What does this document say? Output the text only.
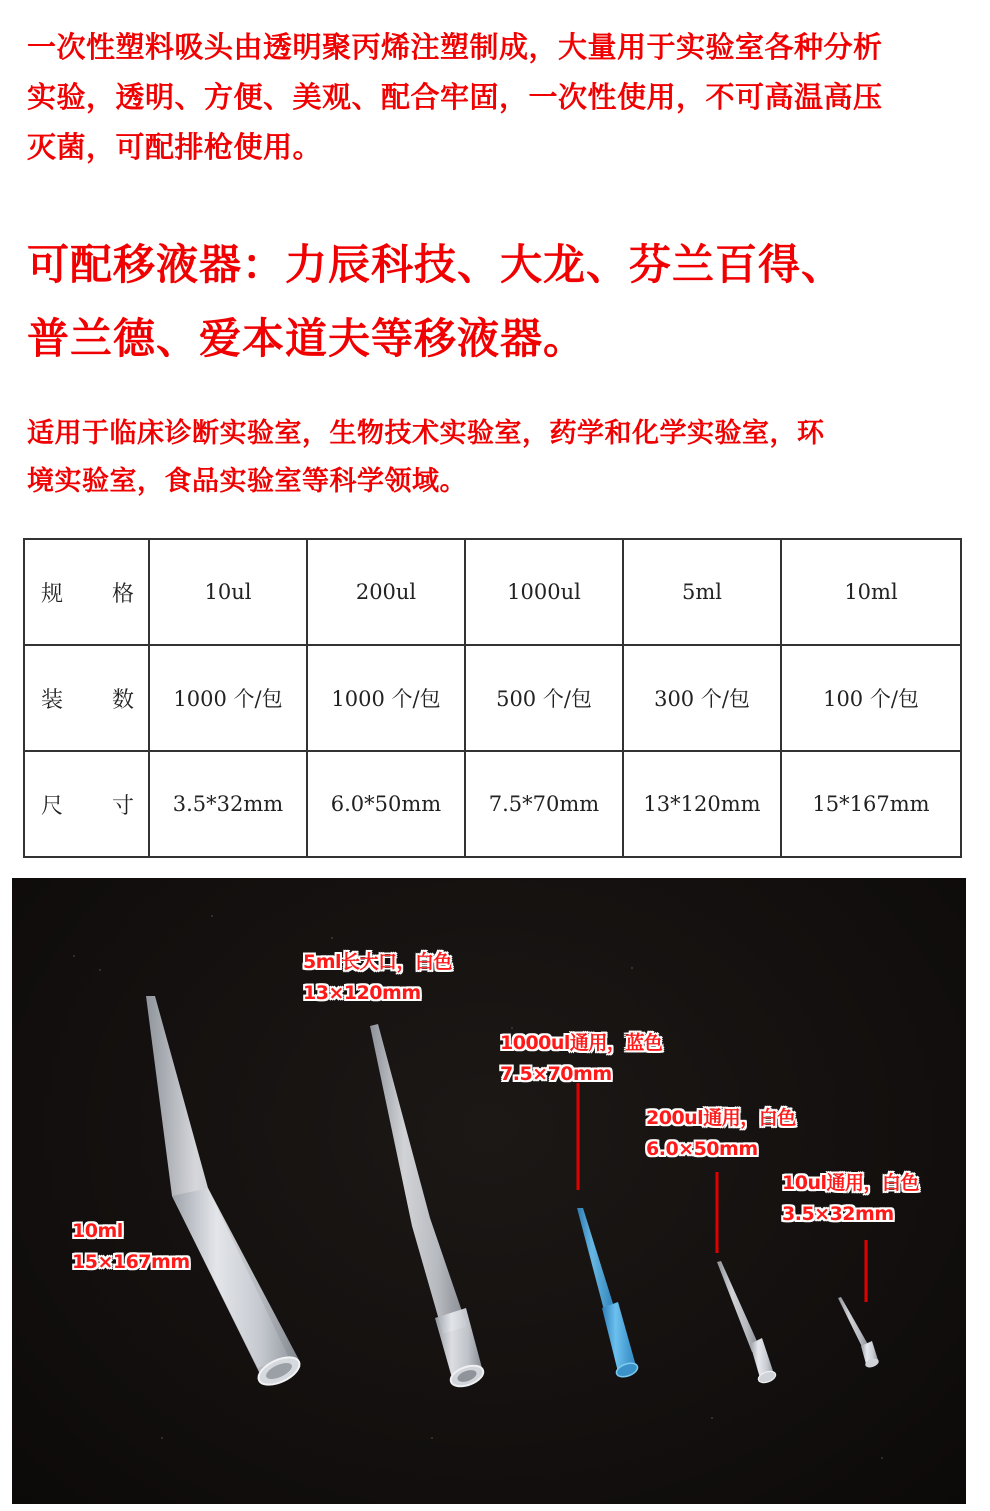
一次性塑料吸头由透明聚丙烯注塑制成，大量用于实验室各种分析
实验，透明、方便、美观、配合牢固，一次性使用，不可高温高压
灭菌，可配排枪使用。
可配移液器：力辰科技、大龙、芬兰百得、
普兰德、爱本道夫等移液器。
适用于临床诊断实验室，生物技术实验室，药学和化学实验室，环
境实验室，食品实验室等科学领域。
规　格	10ul	200ul	1000ul	5ml	10ml
装　数	1000 个/包	1000 个/包	500 个/包	300 个/包	100 个/包
尺　寸	3.5*32mm	6.0*50mm	7.5*70mm	13*120mm	15*167mm
10ml
15×167mm
5ml长大口，白色
13×120mm
1000ul通用，蓝色
7.5×70mm
200ul通用，白色
6.0×50mm
10ul通用，白色
3.5×32mm
